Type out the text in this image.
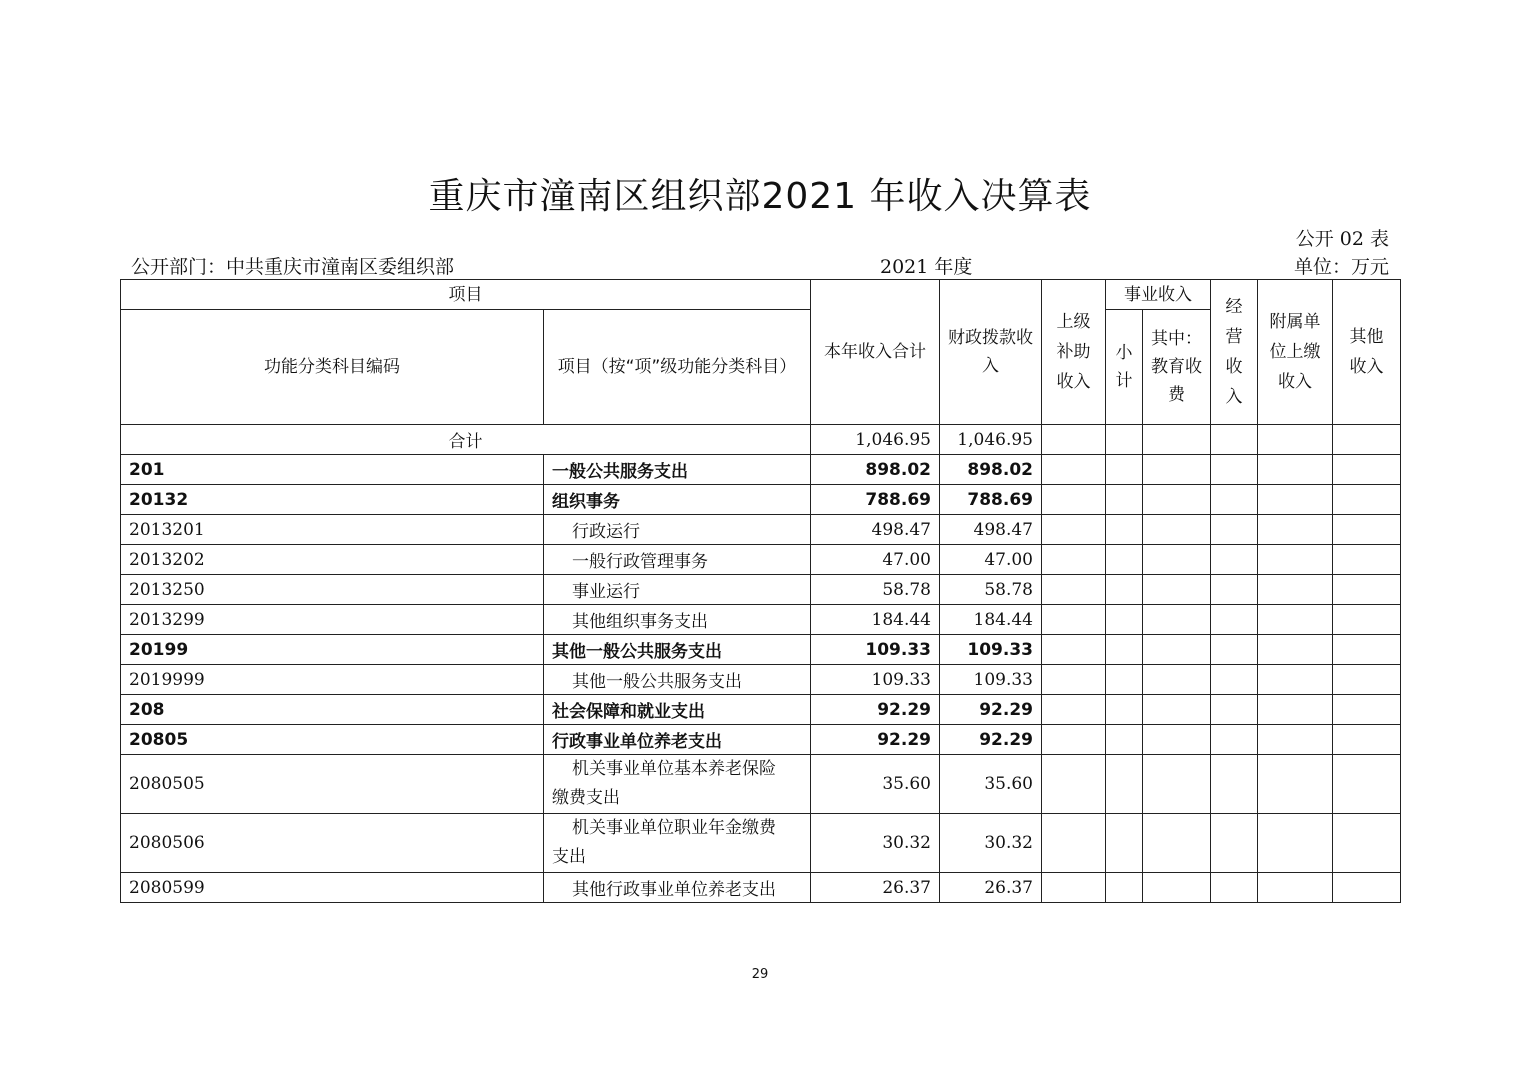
重庆市潼南区组织部2021 年收入决算表
公开 02 表
公开部门：中共重庆市潼南区委组织部	2021 年度	单位：万元
项目		本年收入合计	财政拨款收入	上级补助收入	事业收入		经营收入	附属单位上缴收入	其他收入

功能分类科目编码	项目（按“项”级功能分类科目）				小计	其中：教育收费			

合计		1,046.95	1,046.95						
201	一般公共服务支出	898.02	898.02						
20132	组织事务	788.69	788.69						
2013201	行政运行	498.47	498.47						
2013202	一般行政管理事务	47.00	47.00						
2013250	事业运行	58.78	58.78						
2013299	其他组织事务支出	184.44	184.44						
20199	其他一般公共服务支出	109.33	109.33						
2019999	其他一般公共服务支出	109.33	109.33						
208	社会保障和就业支出	92.29	92.29						
20805	行政事业单位养老支出	92.29	92.29						
2080505	机关事业单位基本养老保险
缴费支出	35.60	35.60						
2080506	机关事业单位职业年金缴费
支出	30.32	30.32						
2080599	其他行政事业单位养老支出	26.37	26.37						
29
